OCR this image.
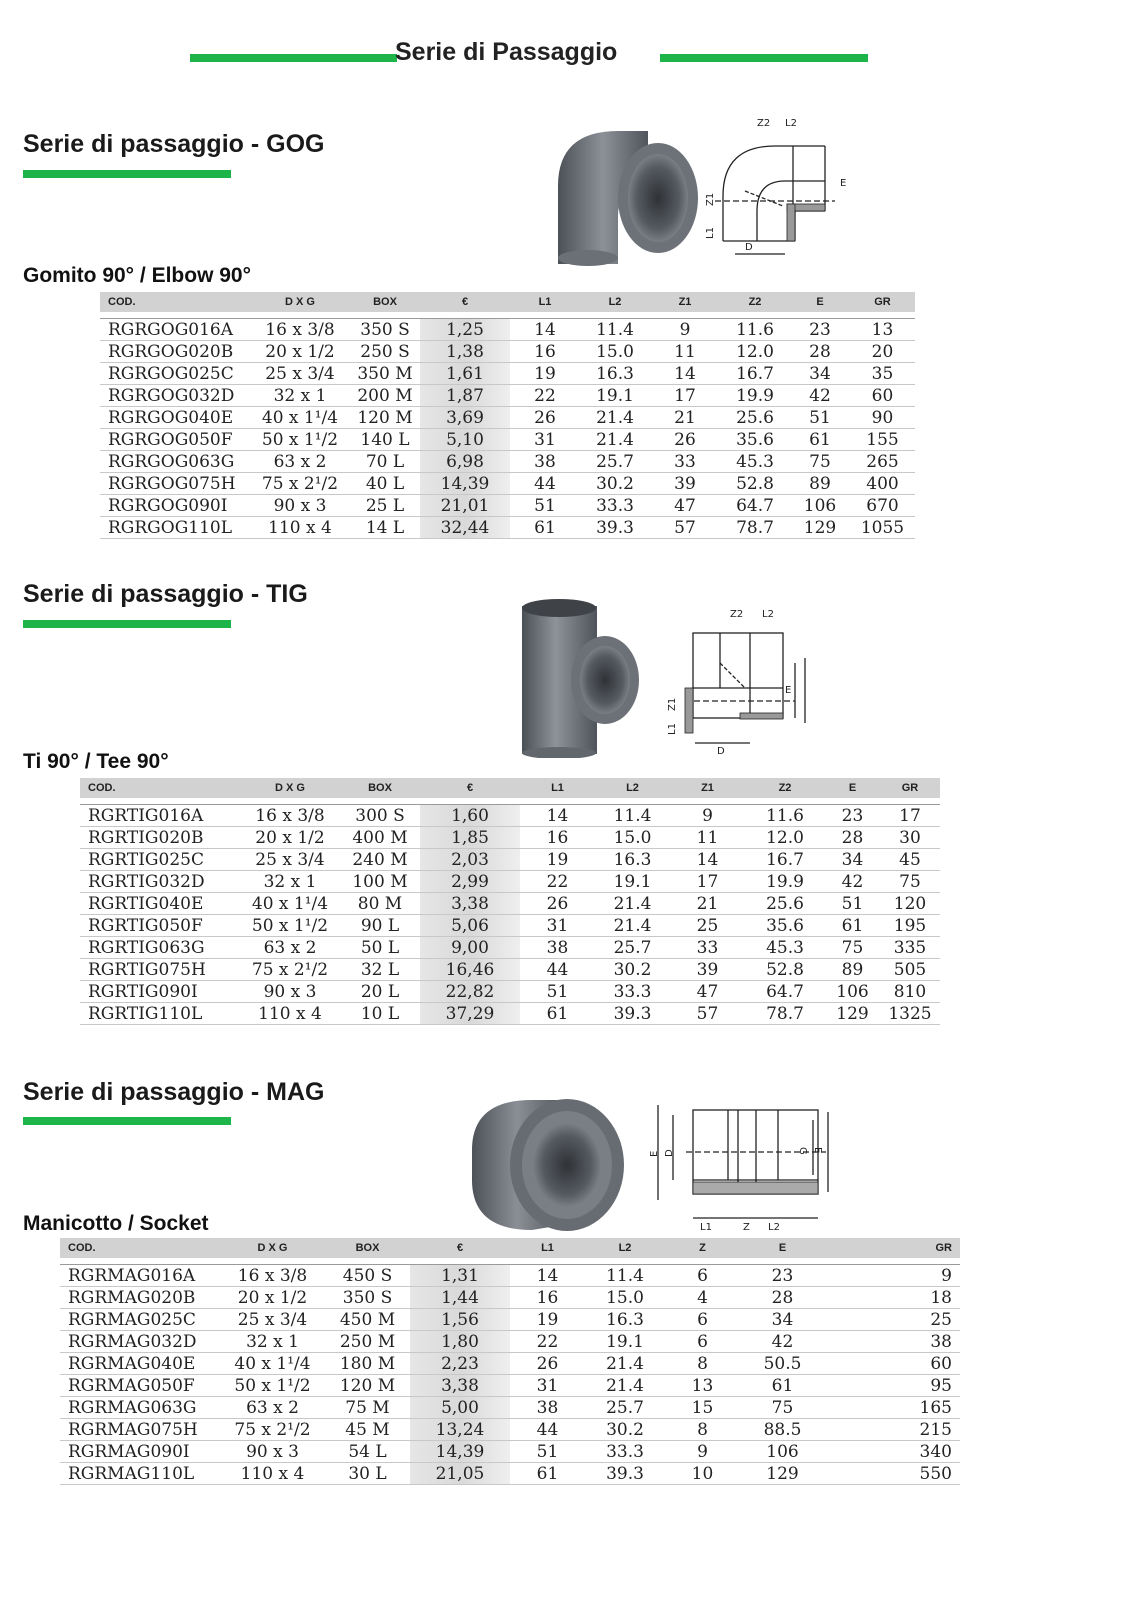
Serie di Passaggio
Serie di passaggio - GOG
Z2 L2
Z1
L1
D
E
Gomito 90° / Elbow 90°
COD.	D X G	BOX	€	L1	L2	Z1	Z2	E	GR

RGRGOG016A	16 x 3/8	350 S	1,25	14	11.4	9	11.6	23	13
RGRGOG020B	20 x 1/2	250 S	1,38	16	15.0	11	12.0	28	20
RGRGOG025C	25 x 3/4	350 M	1,61	19	16.3	14	16.7	34	35
RGRGOG032D	32 x 1	200 M	1,87	22	19.1	17	19.9	42	60
RGRGOG040E	40 x 1¹/4	120 M	3,69	26	21.4	21	25.6	51	90
RGRGOG050F	50 x 1¹/2	140 L	5,10	31	21.4	26	35.6	61	155
RGRGOG063G	63 x 2	70 L	6,98	38	25.7	33	45.3	75	265
RGRGOG075H	75 x 2¹/2	40 L	14,39	44	30.2	39	52.8	89	400
RGRGOG090I	90 x 3	25 L	21,01	51	33.3	47	64.7	106	670
RGRGOG110L	110 x 4	14 L	32,44	61	39.3	57	78.7	129	1055
Serie di passaggio - TIG
Z2 L2
Z1
L1
D
E
Ti 90° / Tee 90°
COD.	D X G	BOX	€	L1	L2	Z1	Z2	E	GR

RGRTIG016A	16 x 3/8	300 S	1,60	14	11.4	9	11.6	23	17
RGRTIG020B	20 x 1/2	400 M	1,85	16	15.0	11	12.0	28	30
RGRTIG025C	25 x 3/4	240 M	2,03	19	16.3	14	16.7	34	45
RGRTIG032D	32 x 1	100 M	2,99	22	19.1	17	19.9	42	75
RGRTIG040E	40 x 1¹/4	80 M	3,38	26	21.4	21	25.6	51	120
RGRTIG050F	50 x 1¹/2	90 L	5,06	31	21.4	25	35.6	61	195
RGRTIG063G	63 x 2	50 L	9,00	38	25.7	33	45.3	75	335
RGRTIG075H	75 x 2¹/2	32 L	16,46	44	30.2	39	52.8	89	505
RGRTIG090I	90 x 3	20 L	22,82	51	33.3	47	64.7	106	810
RGRTIG110L	110 x 4	10 L	37,29	61	39.3	57	78.7	129	1325
Serie di passaggio - MAG
E D	G E
L1	Z L2
Manicotto / Socket
COD.	D X G	BOX	€	L1	L2	Z	E	GR

RGRMAG016A	16 x 3/8	450 S	1,31	14	11.4	6	23	9
RGRMAG020B	20 x 1/2	350 S	1,44	16	15.0	4	28	18
RGRMAG025C	25 x 3/4	450 M	1,56	19	16.3	6	34	25
RGRMAG032D	32 x 1	250 M	1,80	22	19.1	6	42	38
RGRMAG040E	40 x 1¹/4	180 M	2,23	26	21.4	8	50.5	60
RGRMAG050F	50 x 1¹/2	120 M	3,38	31	21.4	13	61	95
RGRMAG063G	63 x 2	75 M	5,00	38	25.7	15	75	165
RGRMAG075H	75 x 2¹/2	45 M	13,24	44	30.2	8	88.5	215
RGRMAG090I	90 x 3	54 L	14,39	51	33.3	9	106	340
RGRMAG110L	110 x 4	30 L	21,05	61	39.3	10	129	550
